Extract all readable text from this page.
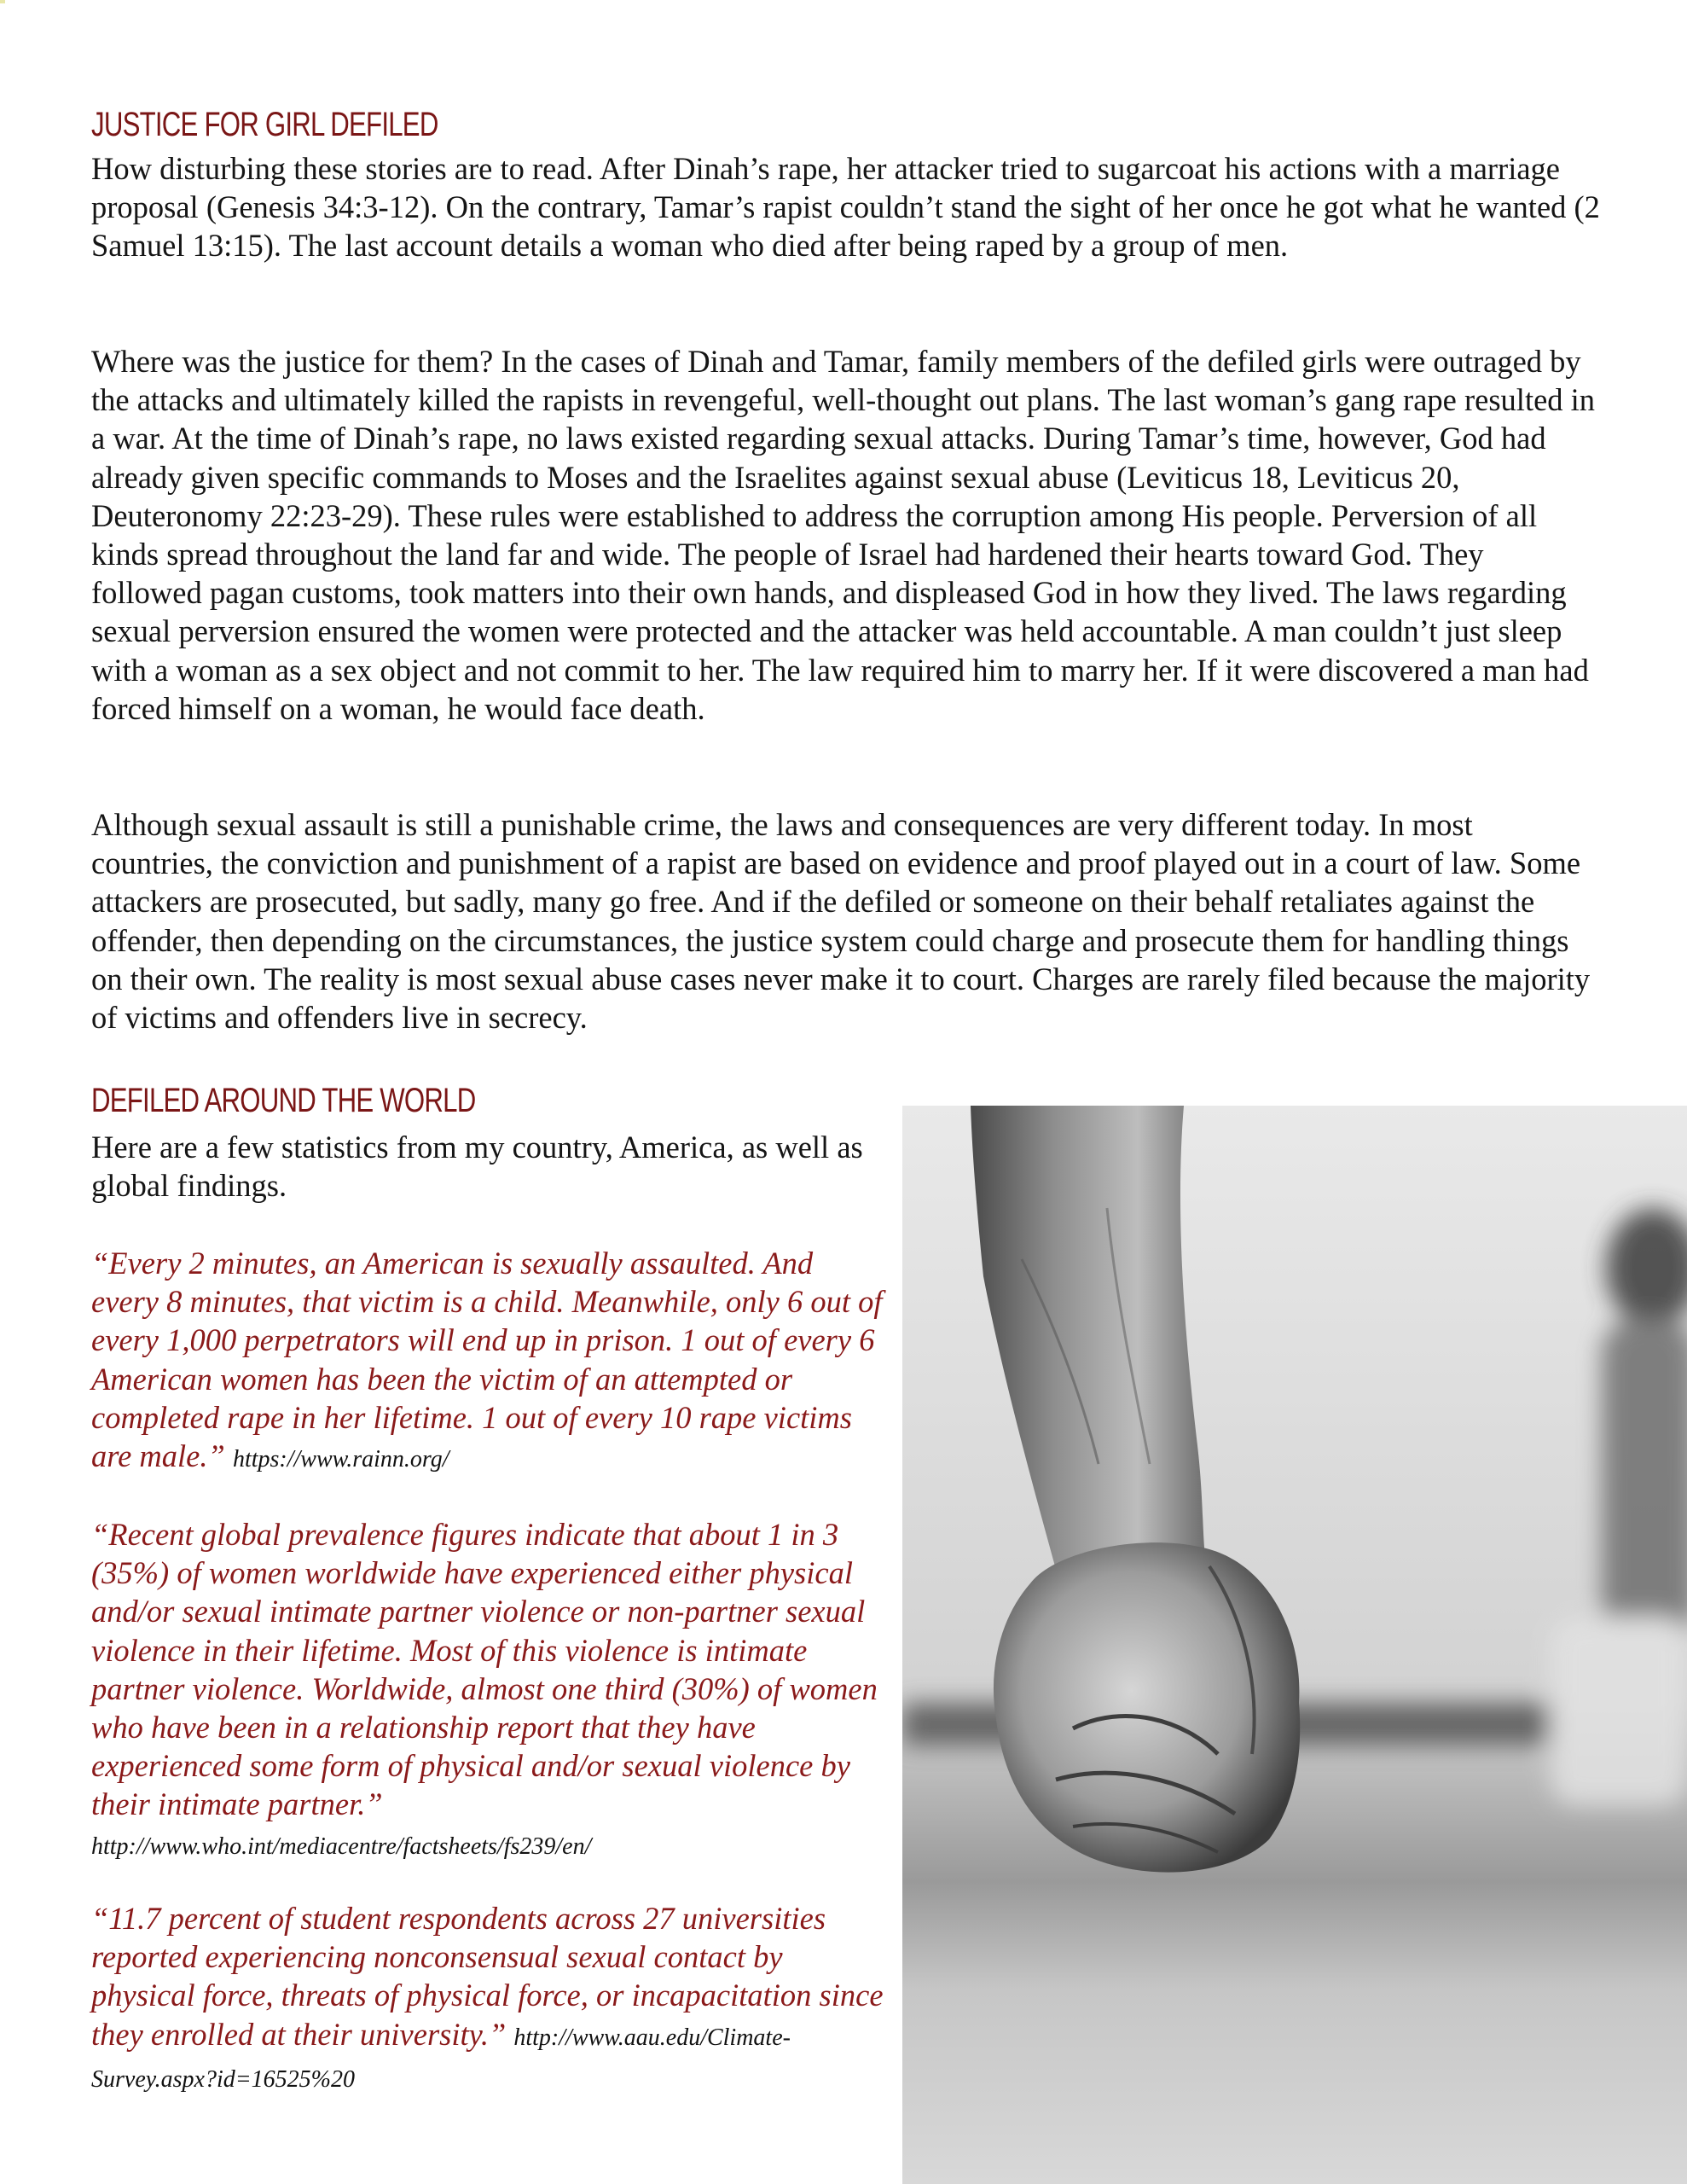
JUSTICE FOR GIRL DEFILED

How disturbing these stories are to read. After Dinah’s rape, her attacker tried to sugarcoat his actions with a marriage proposal (Genesis 34:3-12). On the contrary, Tamar’s rapist couldn’t stand the sight of her once he got what he wanted (2 Samuel 13:15). The last account details a woman who died after being raped by a group of men.

Where was the justice for them? In the cases of Dinah and Tamar, family members of the defiled girls were outraged by the attacks and ultimately killed the rapists in revengeful, well-thought out plans. The last woman’s gang rape resulted in a war. At the time of Dinah’s rape, no laws existed regarding sexual attacks. During Tamar’s time, however, God had already given specific commands to Moses and the Israelites against sexual abuse (Leviticus 18, Leviticus 20, Deuteronomy 22:23-29). These rules were established to address the corruption among His people. Perversion of all kinds spread throughout the land far and wide. The people of Israel had hardened their hearts toward God. They followed pagan customs, took matters into their own hands, and displeased God in how they lived. The laws regarding sexual perversion ensured the women were protected and the attacker was held accountable. A man couldn’t just sleep with a woman as a sex object and not commit to her. The law required him to marry her. If it were discovered a man had forced himself on a woman, he would face death.

Although sexual assault is still a punishable crime, the laws and consequences are very different today. In most countries, the conviction and punishment of a rapist are based on evidence and proof played out in a court of law. Some attackers are prosecuted, but sadly, many go free. And if the defiled or someone on their behalf retaliates against the offender, then depending on the circumstances, the justice system could charge and prosecute them for handling things on their own. The reality is most sexual abuse cases never make it to court. Charges are rarely filed because the majority of victims and offenders live in secrecy.

DEFILED AROUND THE WORLD

Here are a few statistics from my country, America, as well as global findings.

“Every 2 minutes, an American is sexually assaulted. And every 8 minutes, that victim is a child. Meanwhile, only 6 out of every 1,000 perpetrators will end up in prison. 1 out of every 6 American women has been the victim of an attempted or completed rape in her lifetime. 1 out of every 10 rape victims are male.” https://www.rainn.org/

“Recent global prevalence figures indicate that about 1 in 3 (35%) of women worldwide have experienced either physical and/or sexual intimate partner violence or non-partner sexual violence in their lifetime. Most of this violence is intimate partner violence. Worldwide, almost one third (30%) of women who have been in a relationship report that they have experienced some form of physical and/or sexual violence by their intimate partner.” http://www.who.int/mediacentre/factsheets/fs239/en/

“11.7 percent of student respondents across 27 universities reported experiencing nonconsensual sexual contact by physical force, threats of physical force, or incapacitation since they enrolled at their university.” http://www.aau.edu/Climate-Survey.aspx?id=16525%20
